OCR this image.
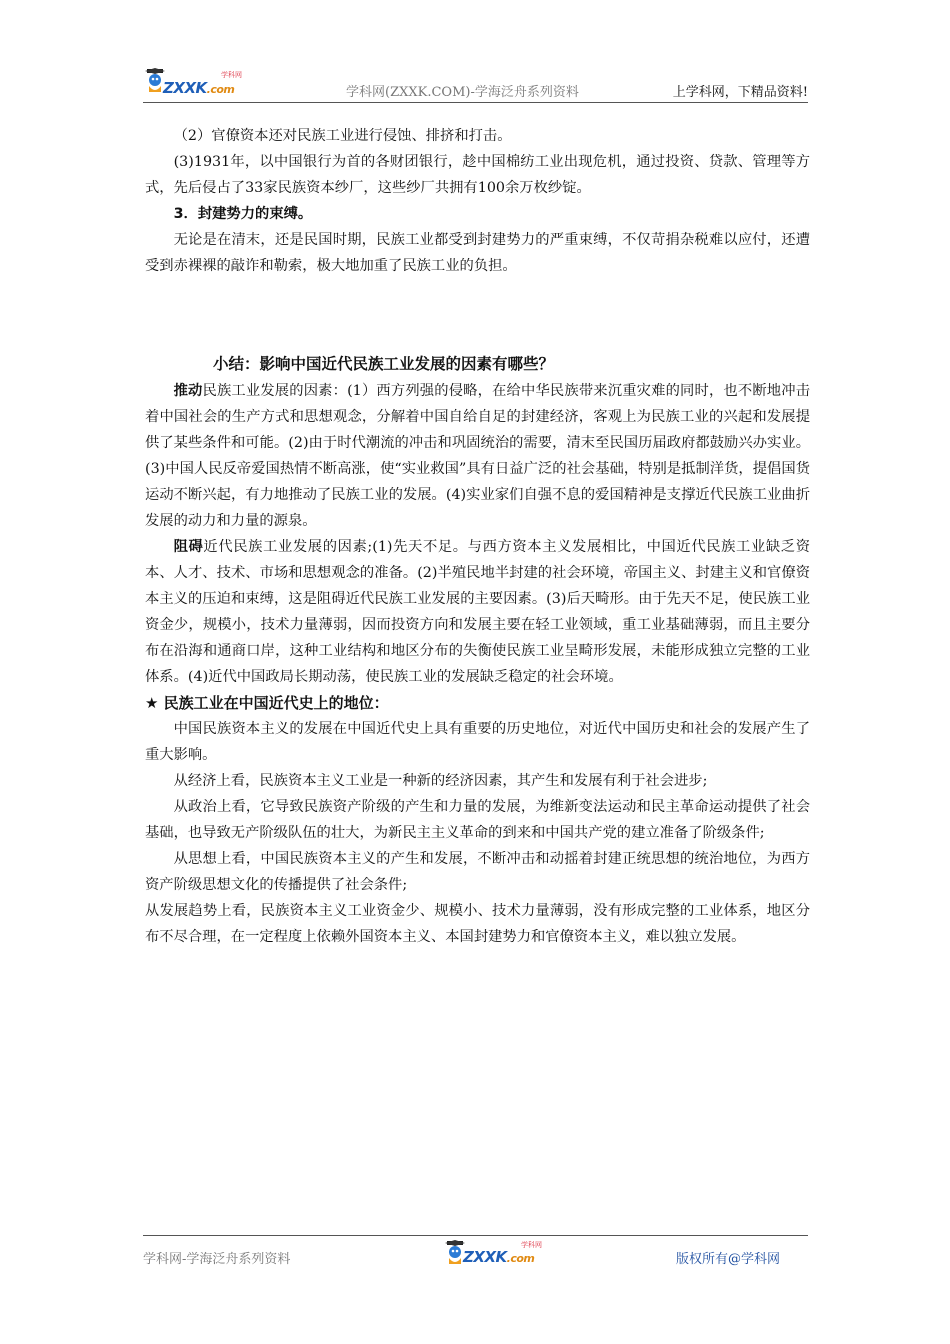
学科网
ZXXK.com	学科网(ZXXK.COM)-学海泛舟系列资料	上学科网，下精品资料!

（2）官僚资本还对民族工业进行侵蚀、排挤和打击。

(3)1931年，以中国银行为首的各财团银行，趁中国棉纺工业出现危机，通过投资、贷款、管理等方式，先后侵占了33家民族资本纱厂，这些纱厂共拥有100余万枚纱锭。

3．封建势力的束缚。

无论是在清末，还是民国时期，民族工业都受到封建势力的严重束缚，不仅苛捐杂税难以应付，还遭受到赤裸裸的敲诈和勒索，极大地加重了民族工业的负担。

小结：影响中国近代民族工业发展的因素有哪些？

推动民族工业发展的因素：(1）西方列强的侵略，在给中华民族带来沉重灾难的同时，也不断地冲击着中国社会的生产方式和思想观念，分解着中国自给自足的封建经济，客观上为民族工业的兴起和发展提供了某些条件和可能。(2)由于时代潮流的冲击和巩固统治的需要，清末至民国历届政府都鼓励兴办实业。(3)中国人民反帝爱国热情不断高涨，使“实业救国”具有日益广泛的社会基础，特别是抵制洋货，提倡国货运动不断兴起，有力地推动了民族工业的发展。(4)实业家们自强不息的爱国精神是支撑近代民族工业曲折发展的动力和力量的源泉。

阻碍近代民族工业发展的因素;(1)先天不足。与西方资本主义发展相比，中国近代民族工业缺乏资本、人才、技术、市场和思想观念的准备。(2)半殖民地半封建的社会环境，帝国主义、封建主义和官僚资本主义的压迫和束缚，这是阻碍近代民族工业发展的主要因素。(3)后天畸形。由于先天不足，使民族工业资金少，规模小，技术力量薄弱，因而投资方向和发展主要在轻工业领域，重工业基础薄弱，而且主要分布在沿海和通商口岸，这种工业结构和地区分布的失衡使民族工业呈畸形发展，未能形成独立完整的工业体系。(4)近代中国政局长期动荡，使民族工业的发展缺乏稳定的社会环境。

★ 民族工业在中国近代史上的地位：

中国民族资本主义的发展在中国近代史上具有重要的历史地位，对近代中国历史和社会的发展产生了重大影响。

从经济上看，民族资本主义工业是一种新的经济因素，其产生和发展有利于社会进步;

从政治上看，它导致民族资产阶级的产生和力量的发展，为维新变法运动和民主革命运动提供了社会基础，也导致无产阶级队伍的壮大，为新民主主义革命的到来和中国共产党的建立准备了阶级条件;

从思想上看，中国民族资本主义的产生和发展，不断冲击和动摇着封建正统思想的统治地位，为西方资产阶级思想文化的传播提供了社会条件;

从发展趋势上看，民族资本主义工业资金少、规模小、技术力量薄弱，没有形成完整的工业体系，地区分布不尽合理，在一定程度上依赖外国资本主义、本国封建势力和官僚资本主义，难以独立发展。

学科网-学海泛舟系列资料
学科网
ZXXK.com	版权所有@学科网
